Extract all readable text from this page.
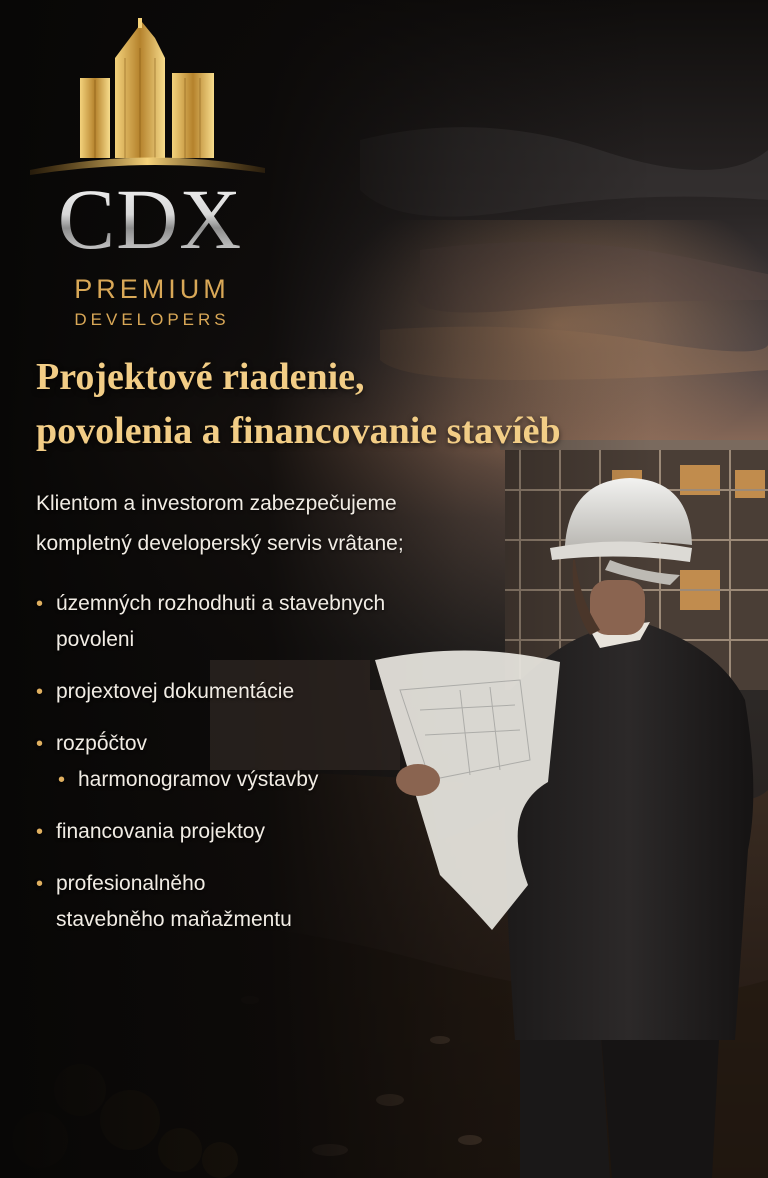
CDX
PREMIUM
DEVELOPERS
Projektové riadenie,
povolenia a financovanie stavíèb
Klientom a investorom zabezpečujeme
kompletný developerský servis vrâtane;
• územných rozhodhuti a stavebnych
povoleni
• projextovej dokumentácie
• rozpṓčtov
• harmonogramov výstavby
• financovania projektoy
• profesionalněho
stavebněho maňažmentu
